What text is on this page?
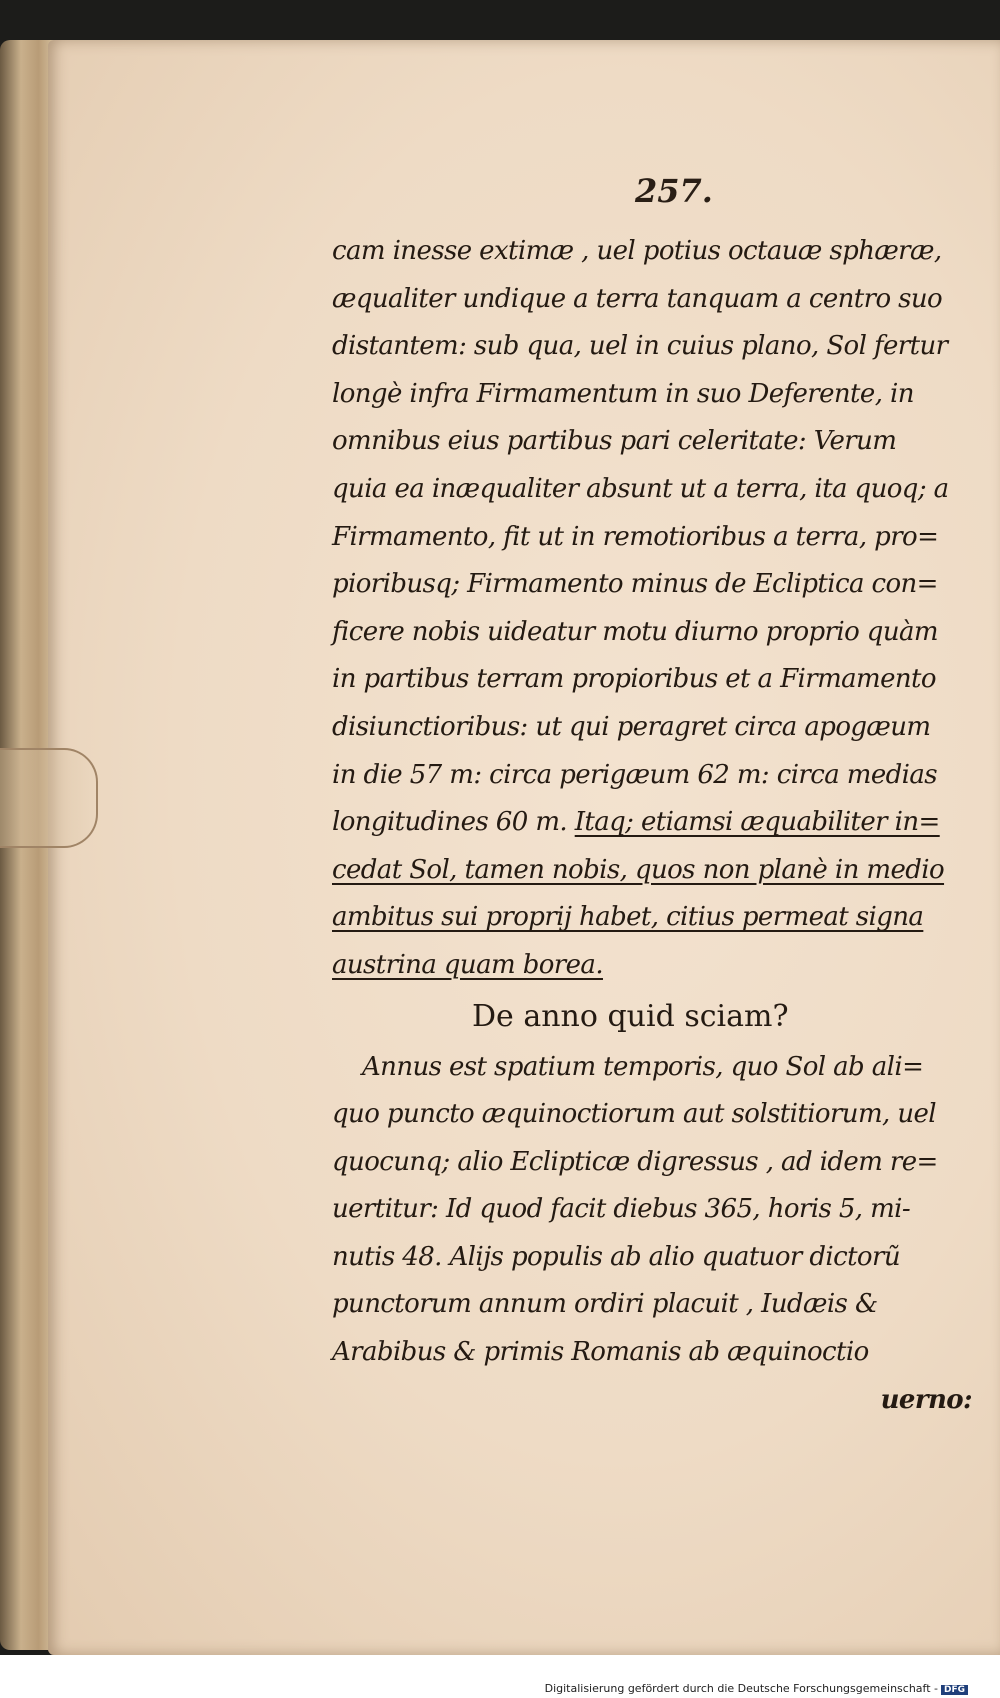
257.
cam inesse extimæ , uel potius octauæ sphæræ,
æqualiter undique a terra tanquam a centro suo
distantem: sub qua, uel in cuius plano, Sol fertur
longè infra Firmamentum in suo Deferente, in
omnibus eius partibus pari celeritate: Verum
quia ea inæqualiter absunt ut a terra, ita quoq; a
Firmamento, fit ut in remotioribus a terra, pro=
pioribusq; Firmamento minus de Ecliptica con=
ficere nobis uideatur motu diurno proprio quàm
in partibus terram propioribus et a Firmamento
disiunctioribus: ut qui peragret circa apogæum
in die 57 m: circa perigæum 62 m: circa medias
longitudines 60 m. Itaq; etiamsi æquabiliter in=
cedat Sol, tamen nobis, quos non planè in medio
ambitus sui proprij habet, citius permeat signa
austrina quam borea.
De anno quid sciam?
Annus est spatium temporis, quo Sol ab ali=
quo puncto æquinoctiorum aut solstitiorum, uel
quocunq; alio Eclipticæ digressus , ad idem re=
uertitur: Id quod facit diebus 365, horis 5, mi-
nutis 48. Alijs populis ab alio quatuor dictorũ
punctorum annum ordiri placuit , Iudæis &
Arabibus & primis Romanis ab æquinoctio
uerno:
Digitalisierung gefördert durch die Deutsche Forschungsgemeinschaft - DFG
